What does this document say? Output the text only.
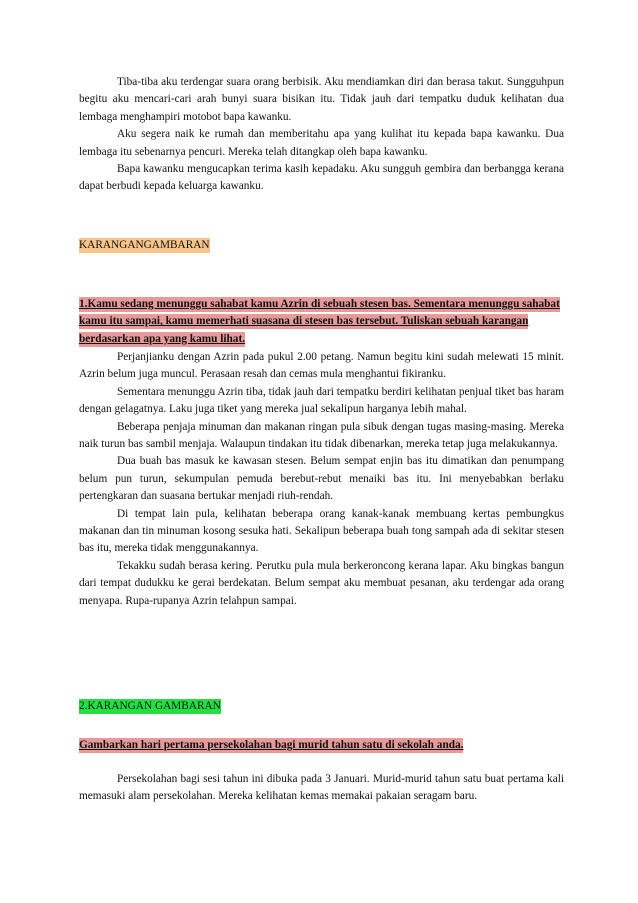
Tiba-tiba aku terdengar suara orang berbisik. Aku mendiamkan diri dan berasa takut. Sungguhpun begitu aku mencari-cari arah bunyi suara bisikan itu. Tidak jauh dari tempatku duduk kelihatan dua lembaga menghampiri motobot bapa kawanku.

Aku segera naik ke rumah dan memberitahu apa yang kulihat itu kepada bapa kawanku. Dua lembaga itu sebenarnya pencuri. Mereka telah ditangkap oleh bapa kawanku.

Bapa kawanku mengucapkan terima kasih kepadaku. Aku sungguh gembira dan berbangga kerana dapat berbudi kepada keluarga kawanku.

KARANGANGAMBARAN

1.Kamu sedang menunggu sahabat kamu Azrin di sebuah stesen bas. Sementara menunggu sahabat kamu itu sampai, kamu memerhati suasana di stesen bas tersebut. Tuliskan sebuah karangan berdasarkan apa yang kamu lihat.

Perjanjianku dengan Azrin pada pukul 2.00 petang. Namun begitu kini sudah melewati 15 minit. Azrin belum juga muncul. Perasaan resah dan cemas mula menghantui fikiranku.

Sementara menunggu Azrin tiba, tidak jauh dari tempatku berdiri kelihatan penjual tiket bas haram dengan gelagatnya. Laku juga tiket yang mereka jual sekalipun harganya lebih mahal.

Beberapa penjaja minuman dan makanan ringan pula sibuk dengan tugas masing-masing. Mereka naik turun bas sambil menjaja. Walaupun tindakan itu tidak dibenarkan, mereka tetap juga melakukannya.

Dua buah bas masuk ke kawasan stesen. Belum sempat enjin bas itu dimatikan dan penumpang belum pun turun, sekumpulan pemuda berebut-rebut menaiki bas itu. Ini menyebabkan berlaku pertengkaran dan suasana bertukar menjadi riuh-rendah.

Di tempat lain pula, kelihatan beberapa orang kanak-kanak membuang kertas pembungkus makanan dan tin minuman kosong sesuka hati. Sekalipun beberapa buah tong sampah ada di sekitar stesen bas itu, mereka tidak menggunakannya.

Tekakku sudah berasa kering. Perutku pula mula berkeroncong kerana lapar. Aku bingkas bangun dari tempat dudukku ke gerai berdekatan. Belum sempat aku membuat pesanan, aku terdengar ada orang menyapa. Rupa-rupanya Azrin telahpun sampai.

2.KARANGAN GAMBARAN

Gambarkan hari pertama persekolahan bagi murid tahun satu di sekolah anda.

Persekolahan bagi sesi tahun ini dibuka pada 3 Januari. Murid-murid tahun satu buat pertama kali memasuki alam persekolahan. Mereka kelihatan kemas memakai pakaian seragam baru.
